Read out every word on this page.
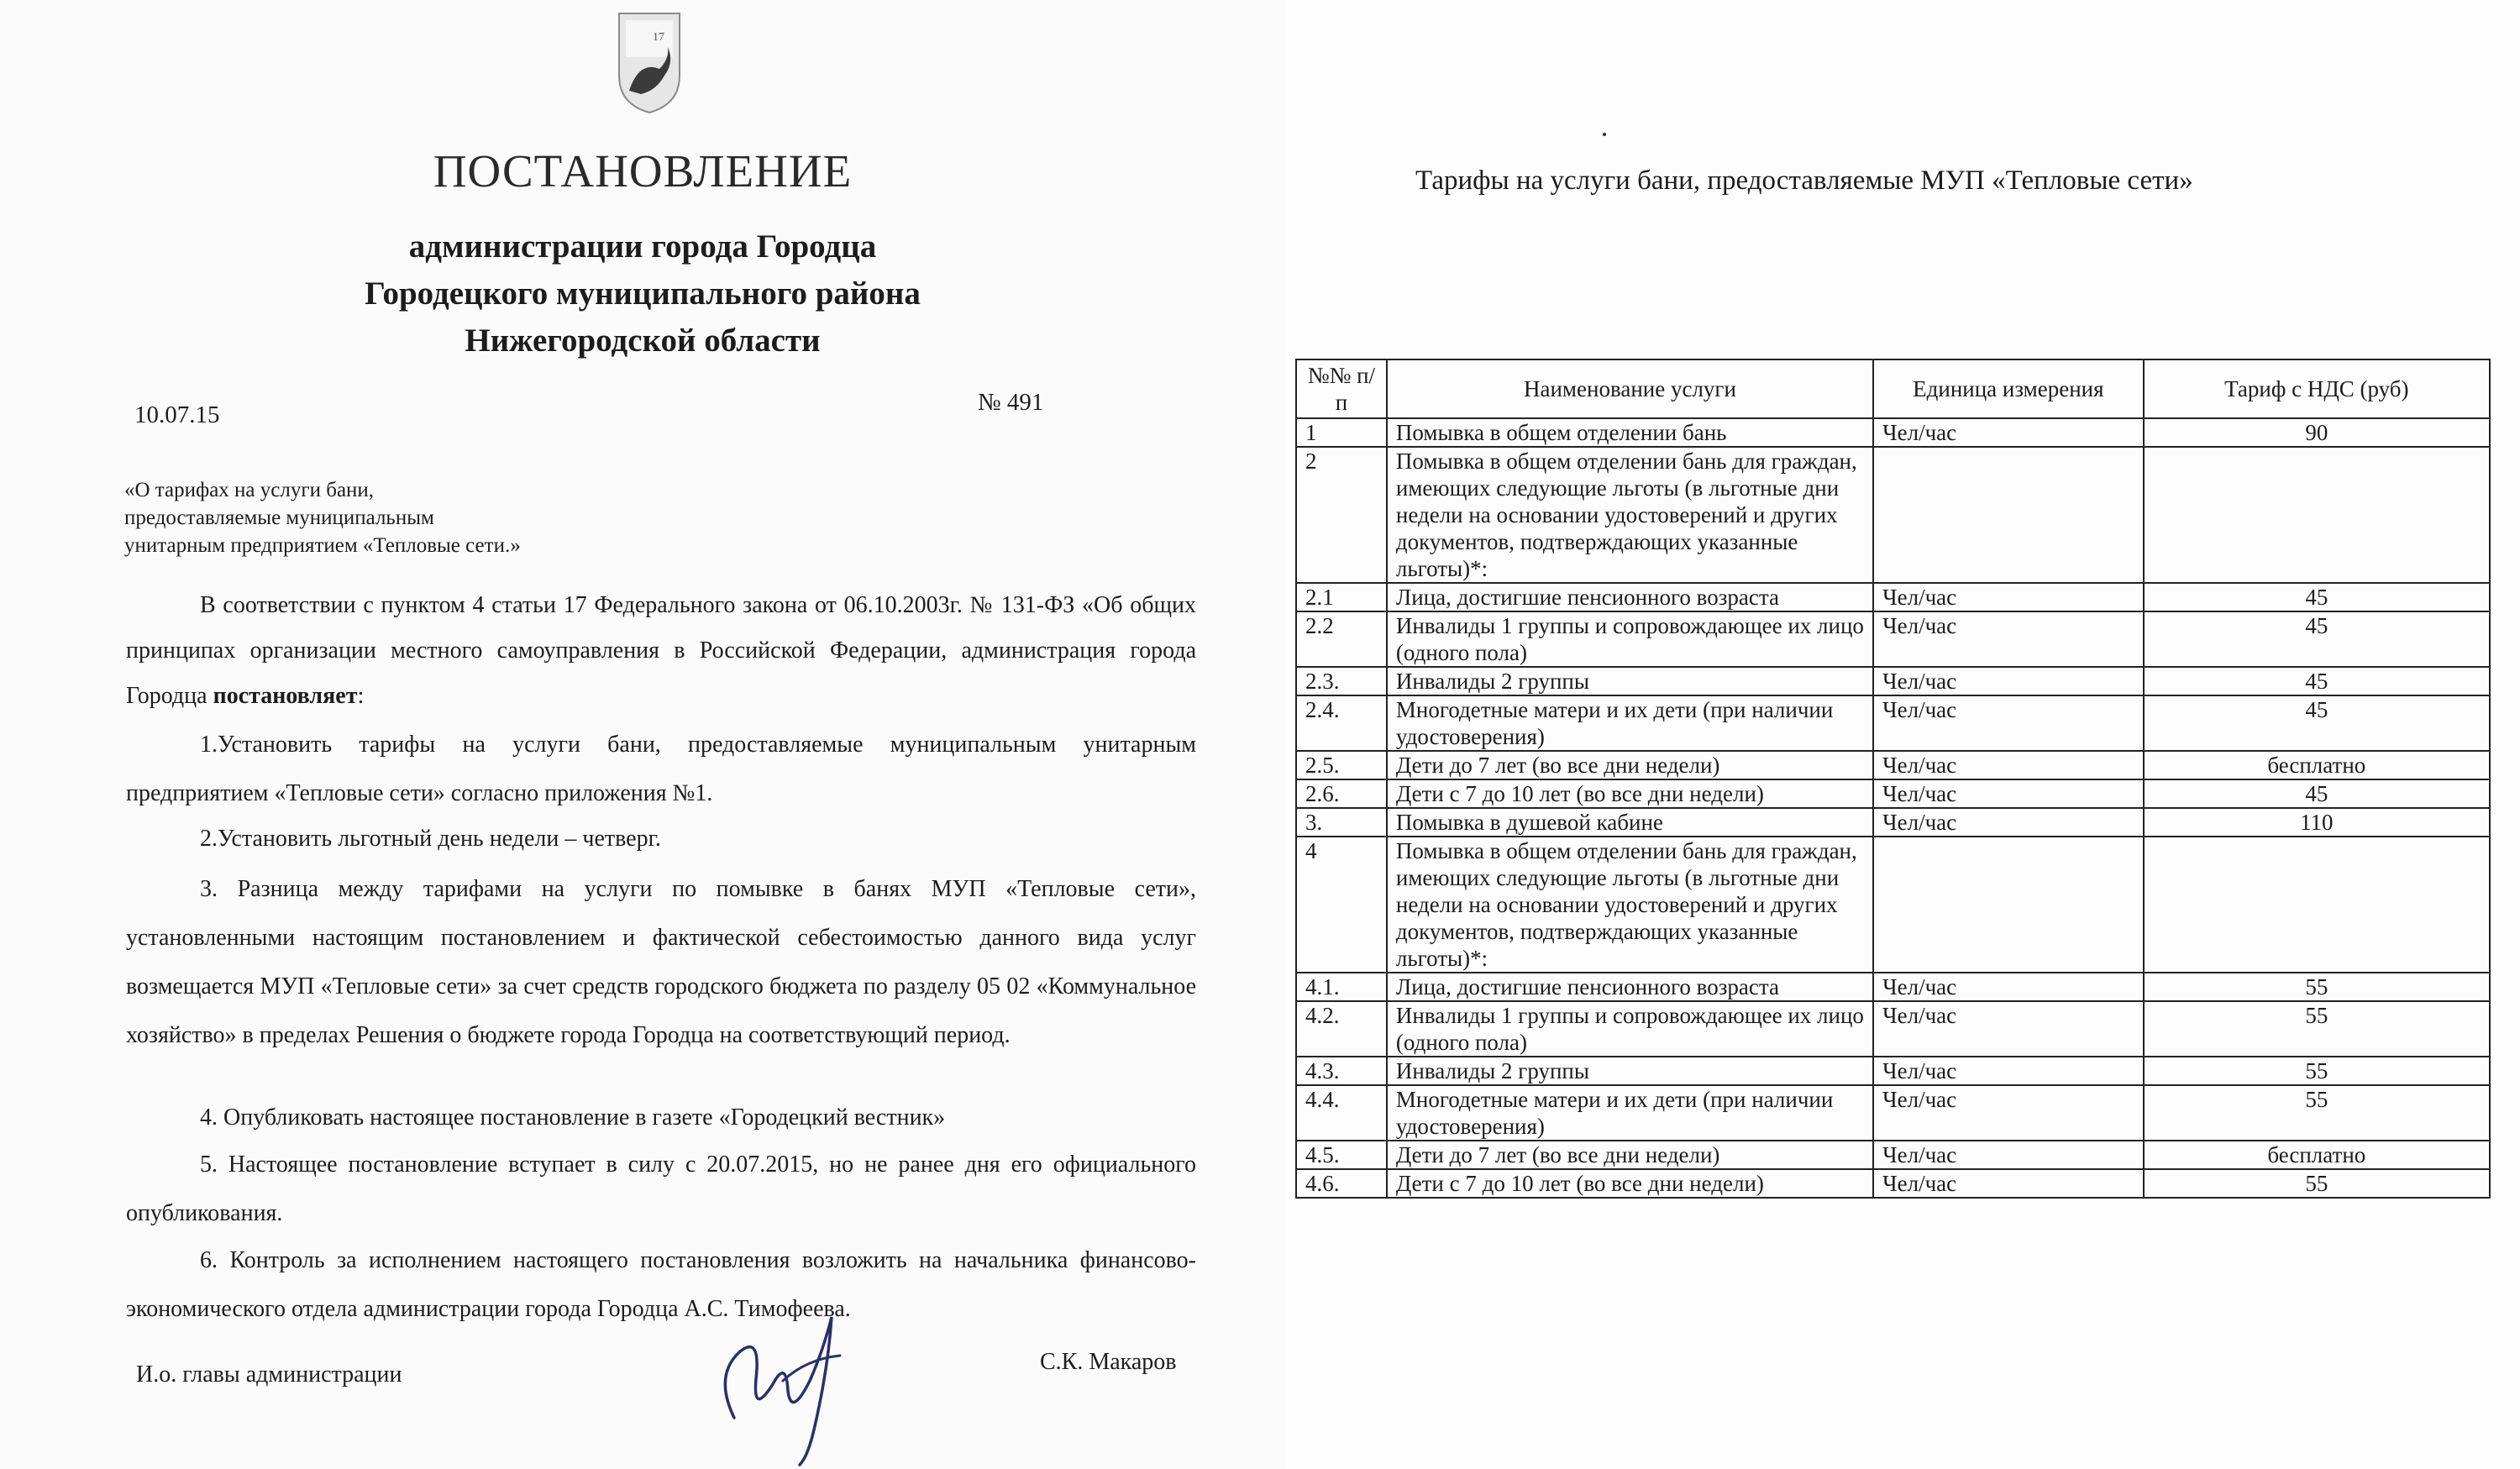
17
ПОСТАНОВЛЕНИЕ
администрации города Городца
Городецкого муниципального района
Нижегородской области
10.07.15	№ 491
«О тарифах на услуги бани,
предоставляемые муниципальным
унитарным предприятием «Тепловые сети.»
В соответствии с пунктом 4 статьи 17 Федерального закона от 06.10.2003г. № 131-ФЗ «Об общих принципах организации местного самоуправления в Российской Федерации, администрация города Городца постановляет:
1.Установить тарифы на услуги бани, предоставляемые муниципальным унитарным предприятием «Тепловые сети» согласно приложения №1.
2.Установить льготный день недели – четверг.
3. Разница между тарифами на услуги по помывке в банях МУП «Тепловые сети», установленными настоящим постановлением и фактической себестоимостью данного вида услуг возмещается МУП «Тепловые сети» за счет средств городского бюджета по разделу 05 02 «Коммунальное хозяйство» в пределах Решения о бюджете города Городца на соответствующий период.
4. Опубликовать настоящее постановление в газете «Городецкий вестник»
5. Настоящее постановление вступает в силу с 20.07.2015, но не ранее дня его официального опубликования.
6. Контроль за исполнением настоящего постановления возложить на начальника финансово-экономического отдела администрации города Городца А.С. Тимофеева.
И.о. главы администрации	С.К. Макаров
Тарифы на услуги бани, предоставляемые МУП «Тепловые сети»
№№ п/п	Наименование услуги	Единица измерения	Тариф с НДС (руб)
1	Помывка в общем отделении бань	Чел/час	90
2	Помывка в общем отделении бань для граждан, имеющих следующие льготы (в льготные дни недели на основании удостоверений и других документов, подтверждающих указанные льготы)*:		
2.1	Лица, достигшие пенсионного возраста	Чел/час	45
2.2	Инвалиды 1 группы и сопровождающее их лицо (одного пола)	Чел/час	45
2.3.	Инвалиды 2 группы	Чел/час	45
2.4.	Многодетные матери и их дети (при наличии удостоверения)	Чел/час	45
2.5.	Дети до 7 лет (во все дни недели)	Чел/час	бесплатно
2.6.	Дети с 7 до 10 лет (во все дни недели)	Чел/час	45
3.	Помывка в душевой кабине	Чел/час	110
4	Помывка в общем отделении бань для граждан, имеющих следующие льготы (в льготные дни недели на основании удостоверений и других документов, подтверждающих указанные льготы)*:		
4.1.	Лица, достигшие пенсионного возраста	Чел/час	55
4.2.	Инвалиды 1 группы и сопровождающее их лицо (одного пола)	Чел/час	55
4.3.	Инвалиды 2 группы	Чел/час	55
4.4.	Многодетные матери и их дети (при наличии удостоверения)	Чел/час	55
4.5.	Дети до 7 лет (во все дни недели)	Чел/час	бесплатно
4.6.	Дети с 7 до 10 лет (во все дни недели)	Чел/час	55
